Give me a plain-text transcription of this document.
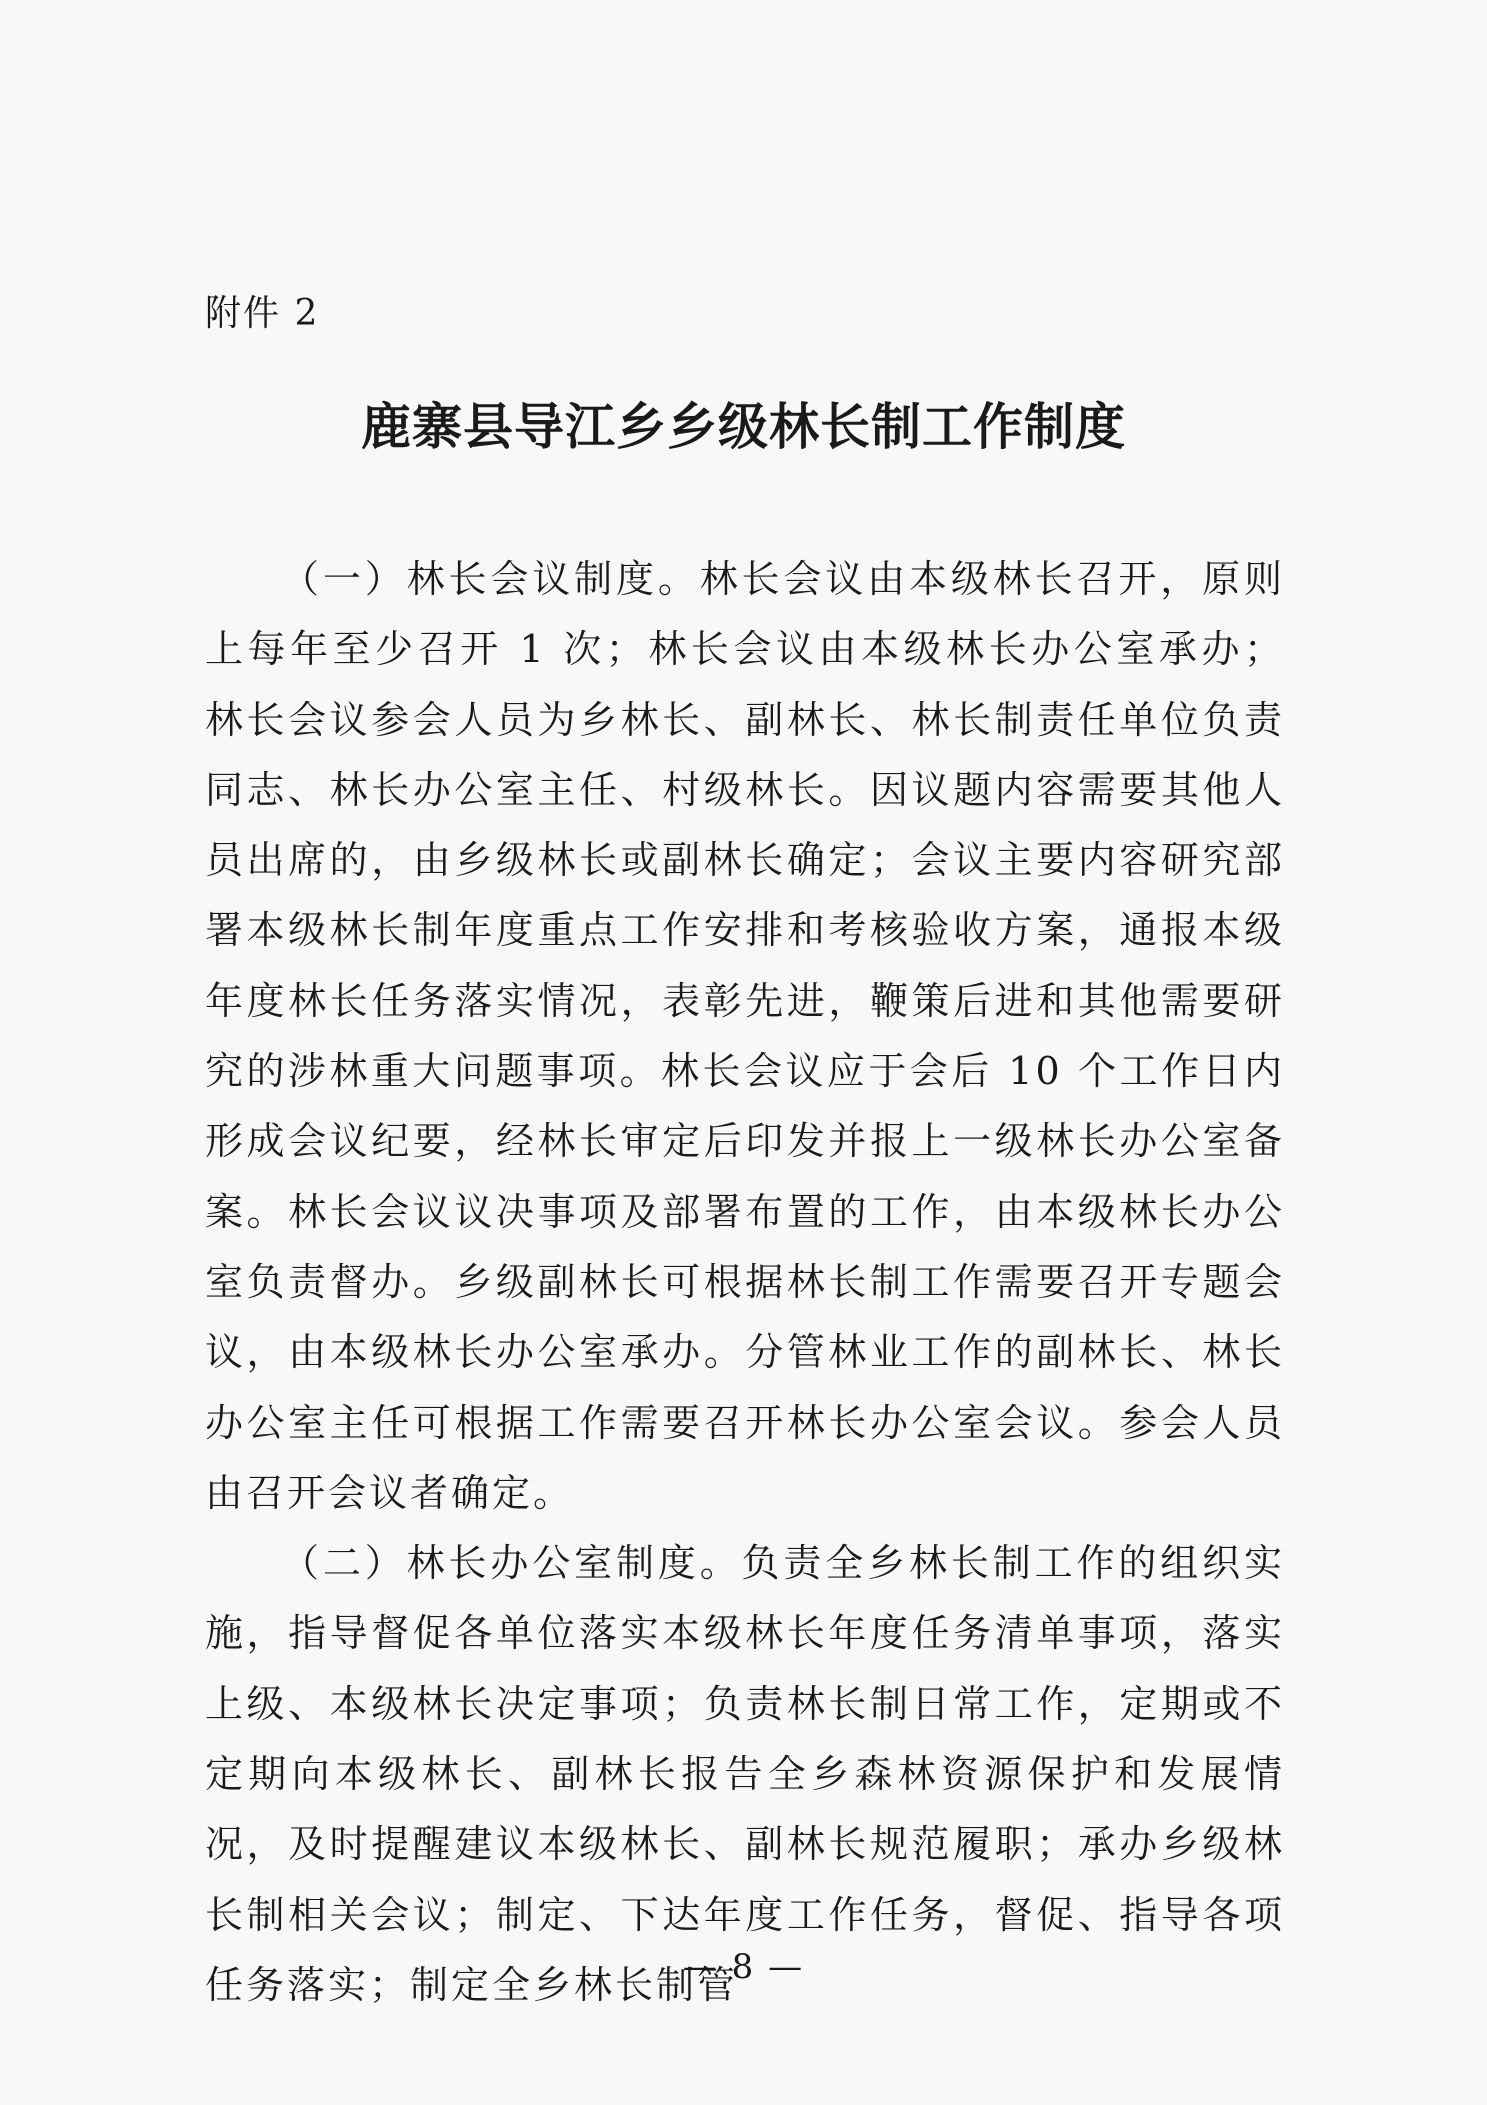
附件 2
鹿寨县导江乡乡级林长制工作制度

（一）林长会议制度。林长会议由本级林长召开，原则上每年至少召开 1 次；林长会议由本级林长办公室承办；林长会议参会人员为乡林长、副林长、林长制责任单位负责同志、林长办公室主任、村级林长。因议题内容需要其他人员出席的，由乡级林长或副林长确定；会议主要内容研究部署本级林长制年度重点工作安排和考核验收方案，通报本级年度林长任务落实情况，表彰先进，鞭策后进和其他需要研究的涉林重大问题事项。林长会议应于会后 10 个工作日内形成会议纪要，经林长审定后印发并报上一级林长办公室备案。林长会议议决事项及部署布置的工作，由本级林长办公室负责督办。乡级副林长可根据林长制工作需要召开专题会议，由本级林长办公室承办。分管林业工作的副林长、林长办公室主任可根据工作需要召开林长办公室会议。参会人员由召开会议者确定。

（二）林长办公室制度。负责全乡林长制工作的组织实施，指导督促各单位落实本级林长年度任务清单事项，落实上级、本级林长决定事项；负责林长制日常工作，定期或不定期向本级林长、副林长报告全乡森林资源保护和发展情况，及时提醒建议本级林长、副林长规范履职；承办乡级林长制相关会议；制定、下达年度工作任务，督促、指导各项任务落实；制定全乡林长制管

— 8 —
